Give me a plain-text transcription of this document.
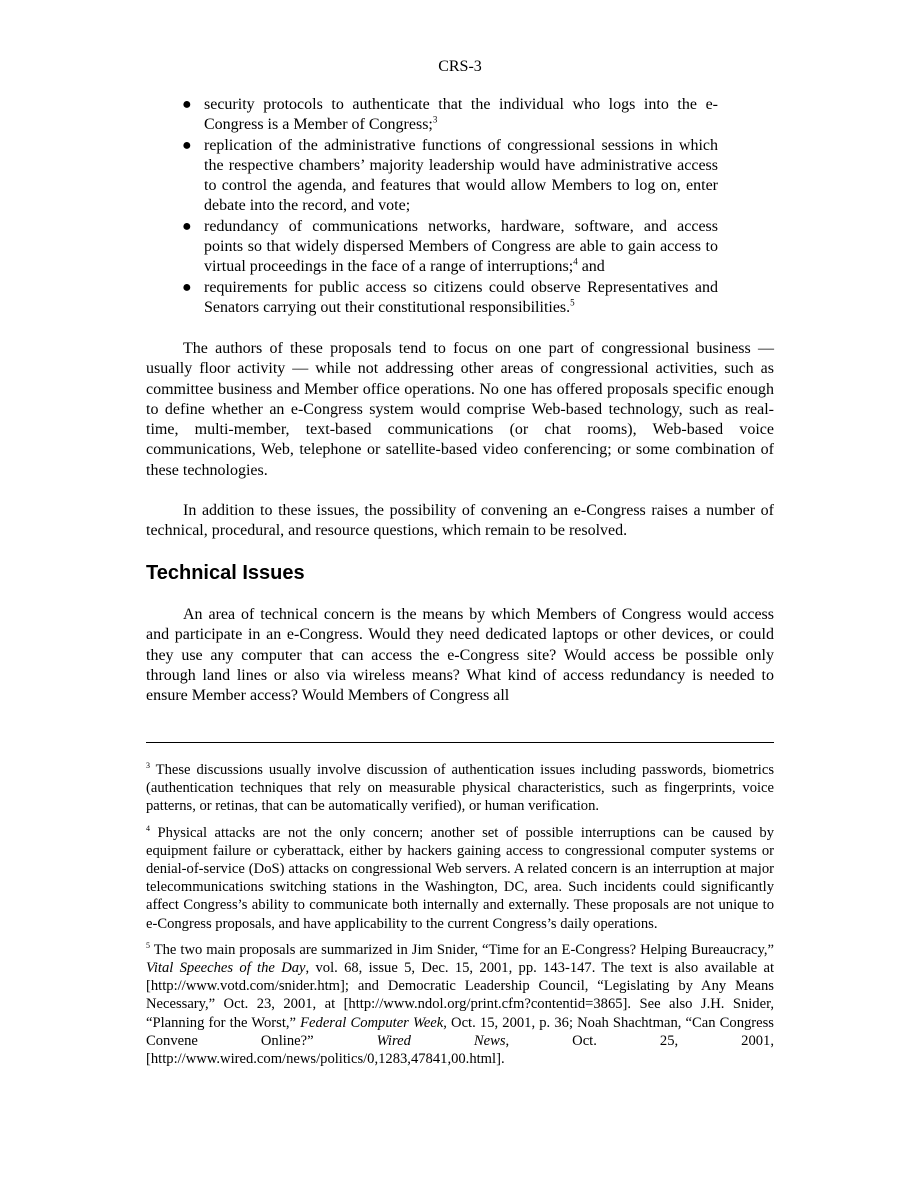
CRS-3
● security protocols to authenticate that the individual who logs into the e-Congress is a Member of Congress;$^3$
● replication of the administrative functions of congressional sessions in which the respective chambers’ majority leadership would have administrative access to control the agenda, and features that would allow Members to log on, enter debate into the record, and vote;
● redundancy of communications networks, hardware, software, and access points so that widely dispersed Members of Congress are able to gain access to virtual proceedings in the face of a range of interruptions;$^4$ and
● requirements for public access so citizens could observe Representatives and Senators carrying out their constitutional responsibilities.$^5$

The authors of these proposals tend to focus on one part of congressional business — usually floor activity — while not addressing other areas of congressional activities, such as committee business and Member office operations. No one has offered proposals specific enough to define whether an e-Congress system would comprise Web-based technology, such as real-time, multi-member, text-based communications (or chat rooms), Web-based voice communications, Web, telephone or satellite-based video conferencing; or some combination of these technologies.

In addition to these issues, the possibility of convening an e-Congress raises a number of technical, procedural, and resource questions, which remain to be resolved.

Technical Issues

An area of technical concern is the means by which Members of Congress would access and participate in an e-Congress. Would they need dedicated laptops or other devices, or could they use any computer that can access the e-Congress site? Would access be possible only through land lines or also via wireless means? What kind of access redundancy is needed to ensure Member access? Would Members of Congress all

$^3$ These discussions usually involve discussion of authentication issues including passwords, biometrics (authentication techniques that rely on measurable physical characteristics, such as fingerprints, voice patterns, or retinas, that can be automatically verified), or human verification.

$^4$ Physical attacks are not the only concern; another set of possible interruptions can be caused by equipment failure or cyberattack, either by hackers gaining access to congressional computer systems or denial-of-service (DoS) attacks on congressional Web servers. A related concern is an interruption at major telecommunications switching stations in the Washington, DC, area. Such incidents could significantly affect Congress’s ability to communicate both internally and externally. These proposals are not unique to e-Congress proposals, and have applicability to the current Congress’s daily operations.

$^5$ The two main proposals are summarized in Jim Snider, “Time for an E-Congress? Helping Bureaucracy,” Vital Speeches of the Day, vol. 68, issue 5, Dec. 15, 2001, pp. 143-147. The text is also available at [http://www.votd.com/snider.htm]; and Democratic Leadership Council, “Legislating by Any Means Necessary,” Oct. 23, 2001, at [http://www.ndol.org/print.cfm?contentid=3865]. See also J.H. Snider, “Planning for the Worst,” Federal Computer Week, Oct. 15, 2001, p. 36; Noah Shachtman, “Can Congress Convene Online?” Wired News, Oct. 25, 2001, [http://www.wired.com/news/politics/0,1283,47841,00.html].
